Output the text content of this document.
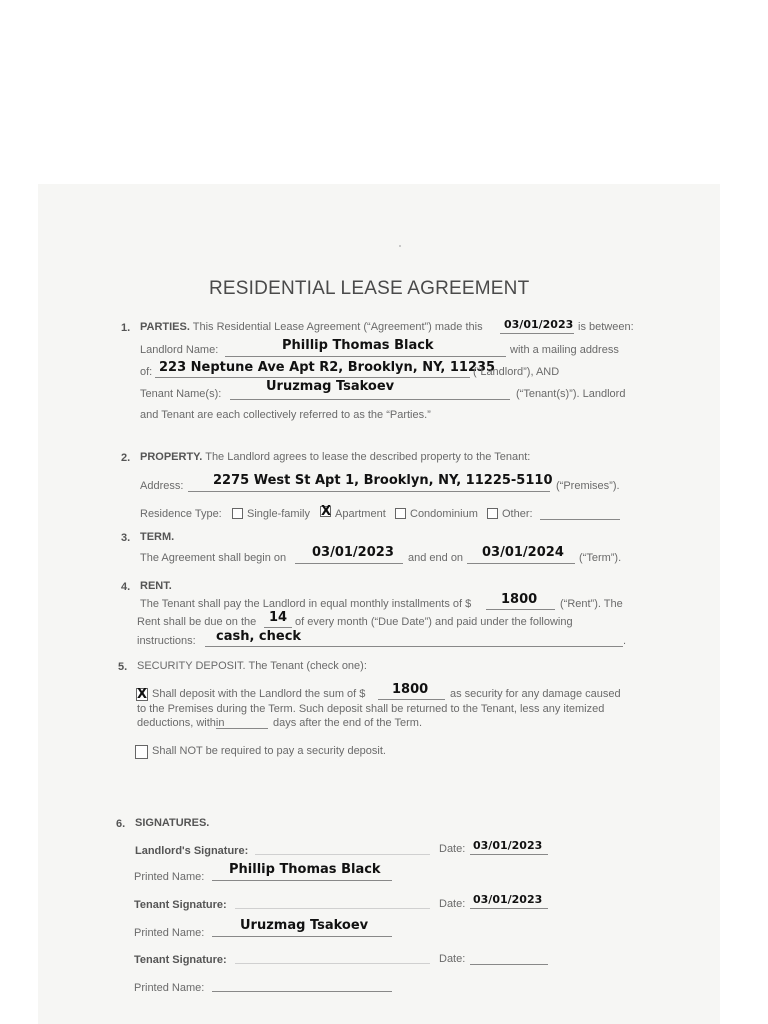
RESIDENTIAL LEASE AGREEMENT
1. PARTIES. This Residential Lease Agreement (“Agreement”) made this 03/01/2023 is between:
Landlord Name:	Phillip Thomas Black	with a mailing address
of: 223 Neptune Ave Apt R2, Brooklyn, NY, 11235
(“Landlord”), AND
Tenant Name(s):	Uruzmag Tsakoev	(“Tenant(s)”). Landlord
and Tenant are each collectively referred to as the “Parties.”
2. PROPERTY. The Landlord agrees to lease the described property to the Tenant:
Address: 2275 West St Apt 1, Brooklyn, NY, 11225-5110 (“Premises”).
Residence Type: Single-family X Apartment Condominium Other:
3. TERM.
The Agreement shall begin on 03/01/2023 and end on 03/01/2024 (“Term”).
4. RENT.
The Tenant shall pay the Landlord in equal monthly installments of $ 1800 (“Rent”). The
Rent shall be due on the 14 of every month (“Due Date”) and paid under the following
instructions: cash, check	.
5. SECURITY DEPOSIT. The Tenant (check one):
X Shall deposit with the Landlord the sum of $ 1800 as security for any damage caused
to the Premises during the Term. Such deposit shall be returned to the Tenant, less any itemized
deductions, within	days after the end of the Term.
Shall NOT be required to pay a security deposit.
6. SIGNATURES.
Landlord's Signature:	Date: 03/01/2023
Printed Name: Phillip Thomas Black
Tenant Signature:	Date: 03/01/2023
Printed Name:	Uruzmag Tsakoev
Tenant Signature:	Date:
Printed Name:
